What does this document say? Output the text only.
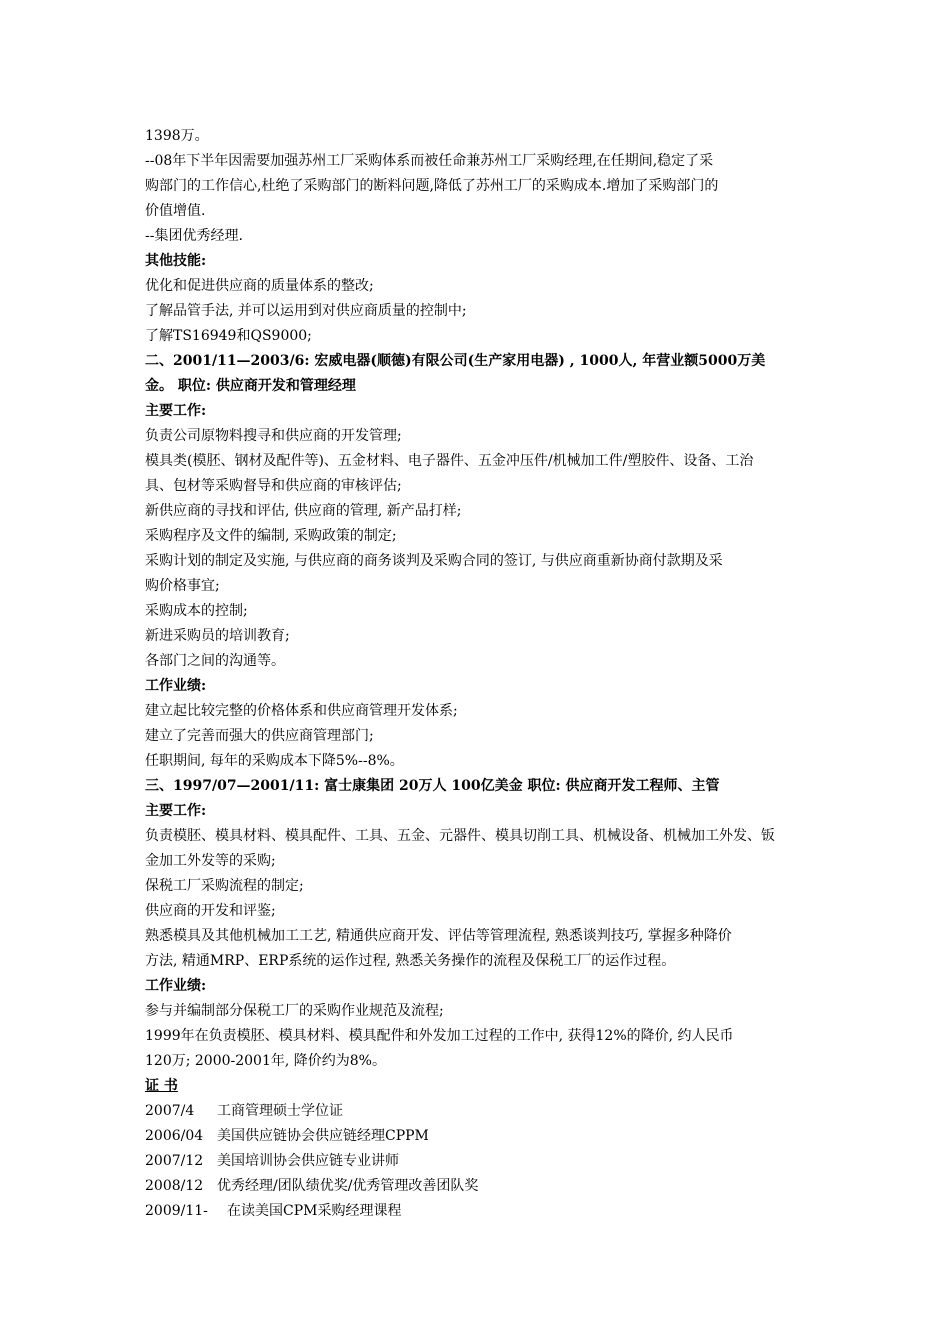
1398万。
--08年下半年因需要加强苏州工厂采购体系而被任命兼苏州工厂采购经理,在任期间,稳定了采
购部门的工作信心,杜绝了采购部门的断料问题,降低了苏州工厂的采购成本.增加了采购部门的
价值增值.
--集团优秀经理.
其他技能:
优化和促进供应商的质量体系的整改;
了解品管手法, 并可以运用到对供应商质量的控制中;
了解TS16949和QS9000;
二、2001/11—2003/6: 宏威电器(顺德)有限公司(生产家用电器) , 1000人, 年营业额5000万美
金。 职位: 供应商开发和管理经理
主要工作:
负责公司原物料搜寻和供应商的开发管理;
模具类(模胚、钢材及配件等)、五金材料、电子器件、五金冲压件/机械加工件/塑胶件、设备、工治
具、包材等采购督导和供应商的审核评估;
新供应商的寻找和评估, 供应商的管理, 新产品打样;
采购程序及文件的编制, 采购政策的制定;
采购计划的制定及实施, 与供应商的商务谈判及采购合同的签订, 与供应商重新协商付款期及采
购价格事宜;
采购成本的控制;
新进采购员的培训教育;
各部门之间的沟通等。
工作业绩:
建立起比较完整的价格体系和供应商管理开发体系;
建立了完善而强大的供应商管理部门;
任职期间, 每年的采购成本下降5%--8%。
三、1997/07—2001/11: 富士康集团 20万人 100亿美金 职位: 供应商开发工程师、主管
主要工作:
负责模胚、模具材料、模具配件、工具、五金、元器件、模具切削工具、机械设备、机械加工外发、钣
金加工外发等的采购;
保税工厂采购流程的制定;
供应商的开发和评鉴;
熟悉模具及其他机械加工工艺, 精通供应商开发、评估等管理流程, 熟悉谈判技巧, 掌握多种降价
方法, 精通MRP、ERP系统的运作过程, 熟悉关务操作的流程及保税工厂的运作过程。
工作业绩:
参与并编制部分保税工厂的采购作业规范及流程;
1999年在负责模胚、模具材料、模具配件和外发加工过程的工作中, 获得12%的降价, 约人民币
120万; 2000-2001年, 降价约为8%。
证 书
2007/4 工商管理硕士学位证
2006/04 美国供应链协会供应链经理CPPM
2007/12 美国培训协会供应链专业讲师
2008/12 优秀经理/团队绩优奖/优秀管理改善团队奖
2009/11- 在读美国CPM采购经理课程
